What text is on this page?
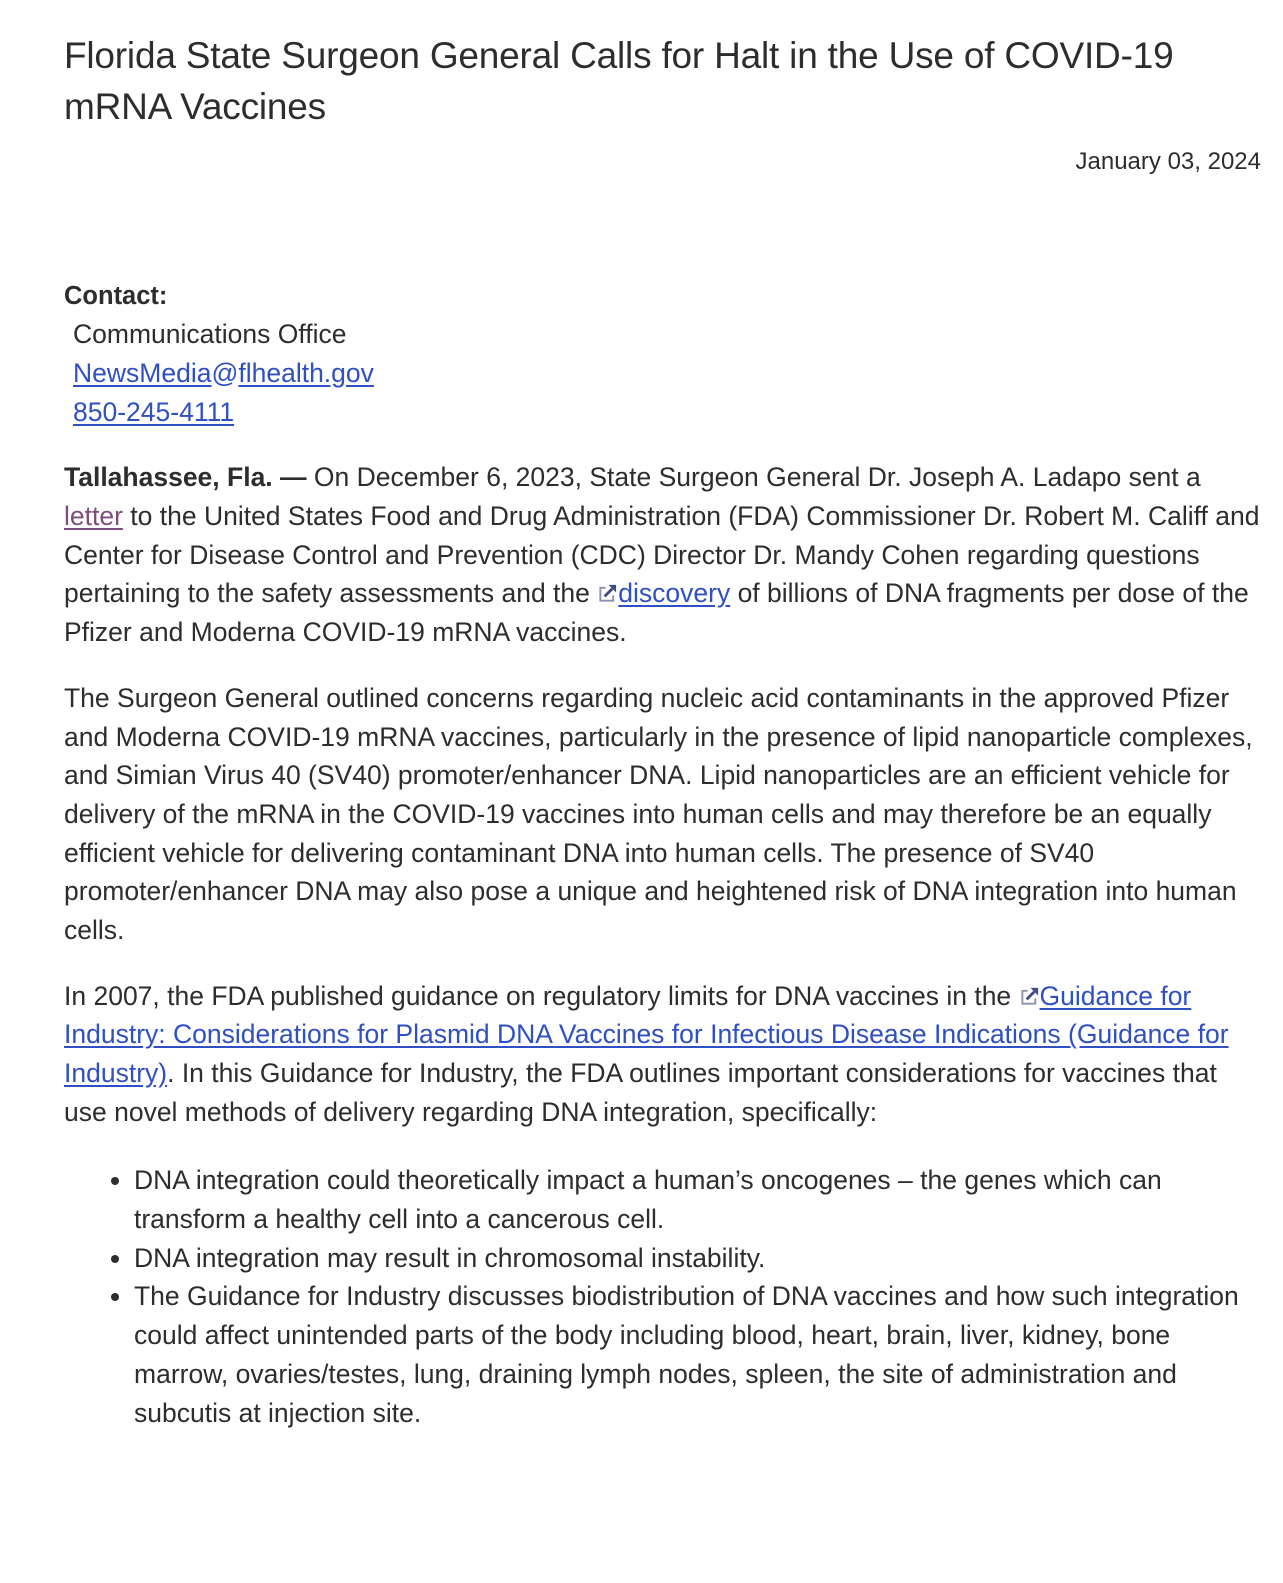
Florida State Surgeon General Calls for Halt in the Use of COVID-19 mRNA Vaccines
January 03, 2024
Contact:
Communications Office
NewsMedia@flhealth.gov
850-245-4111

Tallahassee, Fla. — On December 6, 2023, State Surgeon General Dr. Joseph A. Ladapo sent a letter to the United States Food and Drug Administration (FDA) Commissioner Dr. Robert M. Califf and Center for Disease Control and Prevention (CDC) Director Dr. Mandy Cohen regarding questions pertaining to the safety assessments and the discovery of billions of DNA fragments per dose of the Pfizer and Moderna COVID-19 mRNA vaccines.

The Surgeon General outlined concerns regarding nucleic acid contaminants in the approved Pfizer and Moderna COVID-19 mRNA vaccines, particularly in the presence of lipid nanoparticle complexes, and Simian Virus 40 (SV40) promoter/enhancer DNA. Lipid nanoparticles are an efficient vehicle for delivery of the mRNA in the COVID-19 vaccines into human cells and may therefore be an equally efficient vehicle for delivering contaminant DNA into human cells. The presence of SV40 promoter/enhancer DNA may also pose a unique and heightened risk of DNA integration into human cells.

In 2007, the FDA published guidance on regulatory limits for DNA vaccines in the Guidance for Industry: Considerations for Plasmid DNA Vaccines for Infectious Disease Indications (Guidance for Industry). In this Guidance for Industry, the FDA outlines important considerations for vaccines that use novel methods of delivery regarding DNA integration, specifically:

• DNA integration could theoretically impact a human’s oncogenes – the genes which can transform a healthy cell into a cancerous cell.
• DNA integration may result in chromosomal instability.
• The Guidance for Industry discusses biodistribution of DNA vaccines and how such integration could affect unintended parts of the body including blood, heart, brain, liver, kidney, bone marrow, ovaries/testes, lung, draining lymph nodes, spleen, the site of administration and subcutis at injection site.
